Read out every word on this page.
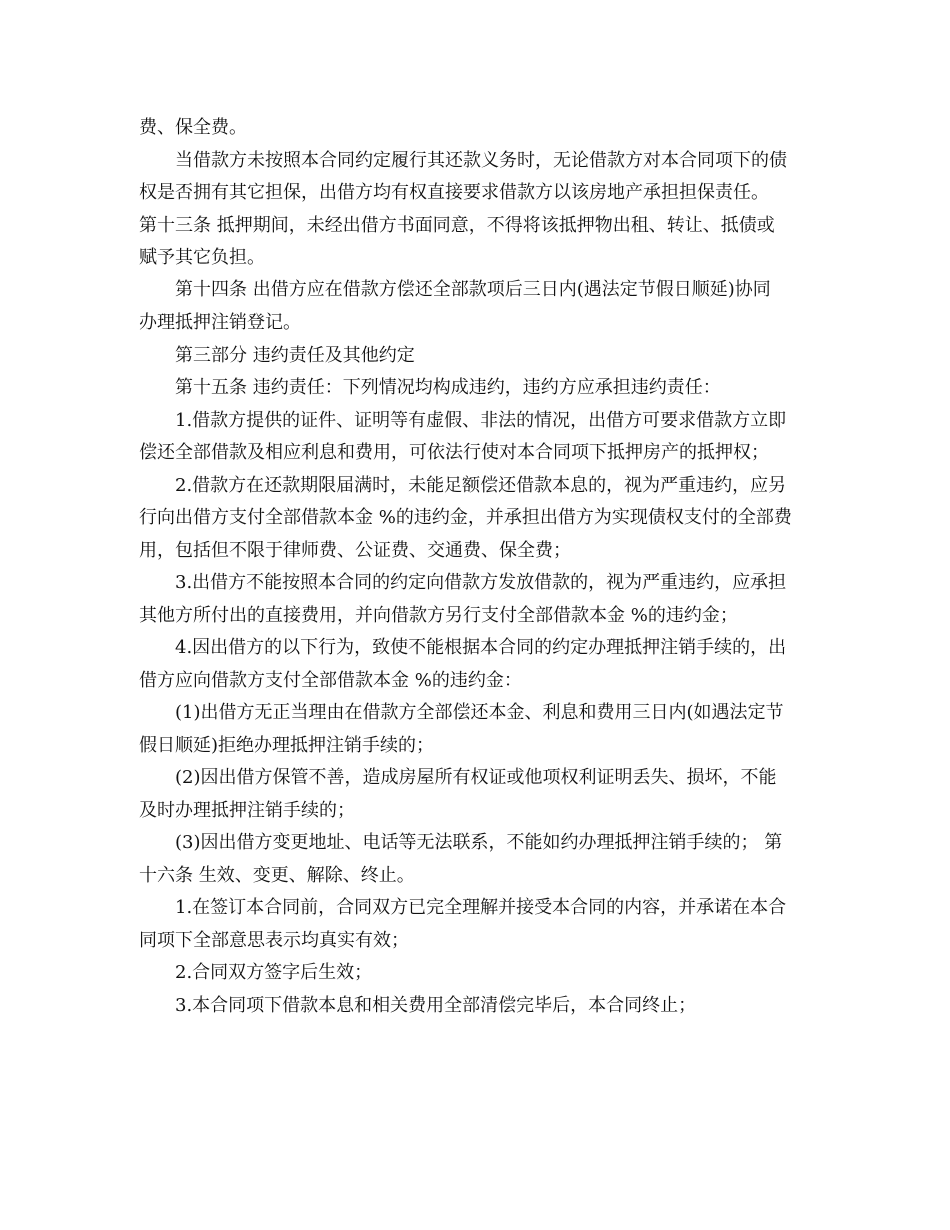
费、保全费。
当借款方未按照本合同约定履行其还款义务时，无论借款方对本合同项下的债
权是否拥有其它担保，出借方均有权直接要求借款方以该房地产承担担保责任。
第十三条 抵押期间，未经出借方书面同意，不得将该抵押物出租、转让、抵债或
赋予其它负担。
第十四条 出借方应在借款方偿还全部款项后三日内(遇法定节假日顺延)协同
办理抵押注销登记。
第三部分 违约责任及其他约定
第十五条 违约责任：下列情况均构成违约，违约方应承担违约责任：
1.借款方提供的证件、证明等有虚假、非法的情况，出借方可要求借款方立即
偿还全部借款及相应利息和费用，可依法行使对本合同项下抵押房产的抵押权；
2.借款方在还款期限届满时，未能足额偿还借款本息的，视为严重违约，应另
行向出借方支付全部借款本金 %的违约金，并承担出借方为实现债权支付的全部费
用，包括但不限于律师费、公证费、交通费、保全费；
3.出借方不能按照本合同的约定向借款方发放借款的，视为严重违约，应承担
其他方所付出的直接费用，并向借款方另行支付全部借款本金 %的违约金；
4.因出借方的以下行为，致使不能根据本合同的约定办理抵押注销手续的，出
借方应向借款方支付全部借款本金 %的违约金：
(1)出借方无正当理由在借款方全部偿还本金、利息和费用三日内(如遇法定节
假日顺延)拒绝办理抵押注销手续的；
(2)因出借方保管不善，造成房屋所有权证或他项权利证明丢失、损坏，不能
及时办理抵押注销手续的；
(3)因出借方变更地址、电话等无法联系，不能如约办理抵押注销手续的； 第
十六条 生效、变更、解除、终止。
1.在签订本合同前，合同双方已完全理解并接受本合同的内容，并承诺在本合
同项下全部意思表示均真实有效；
2.合同双方签字后生效；
3.本合同项下借款本息和相关费用全部清偿完毕后，本合同终止；
